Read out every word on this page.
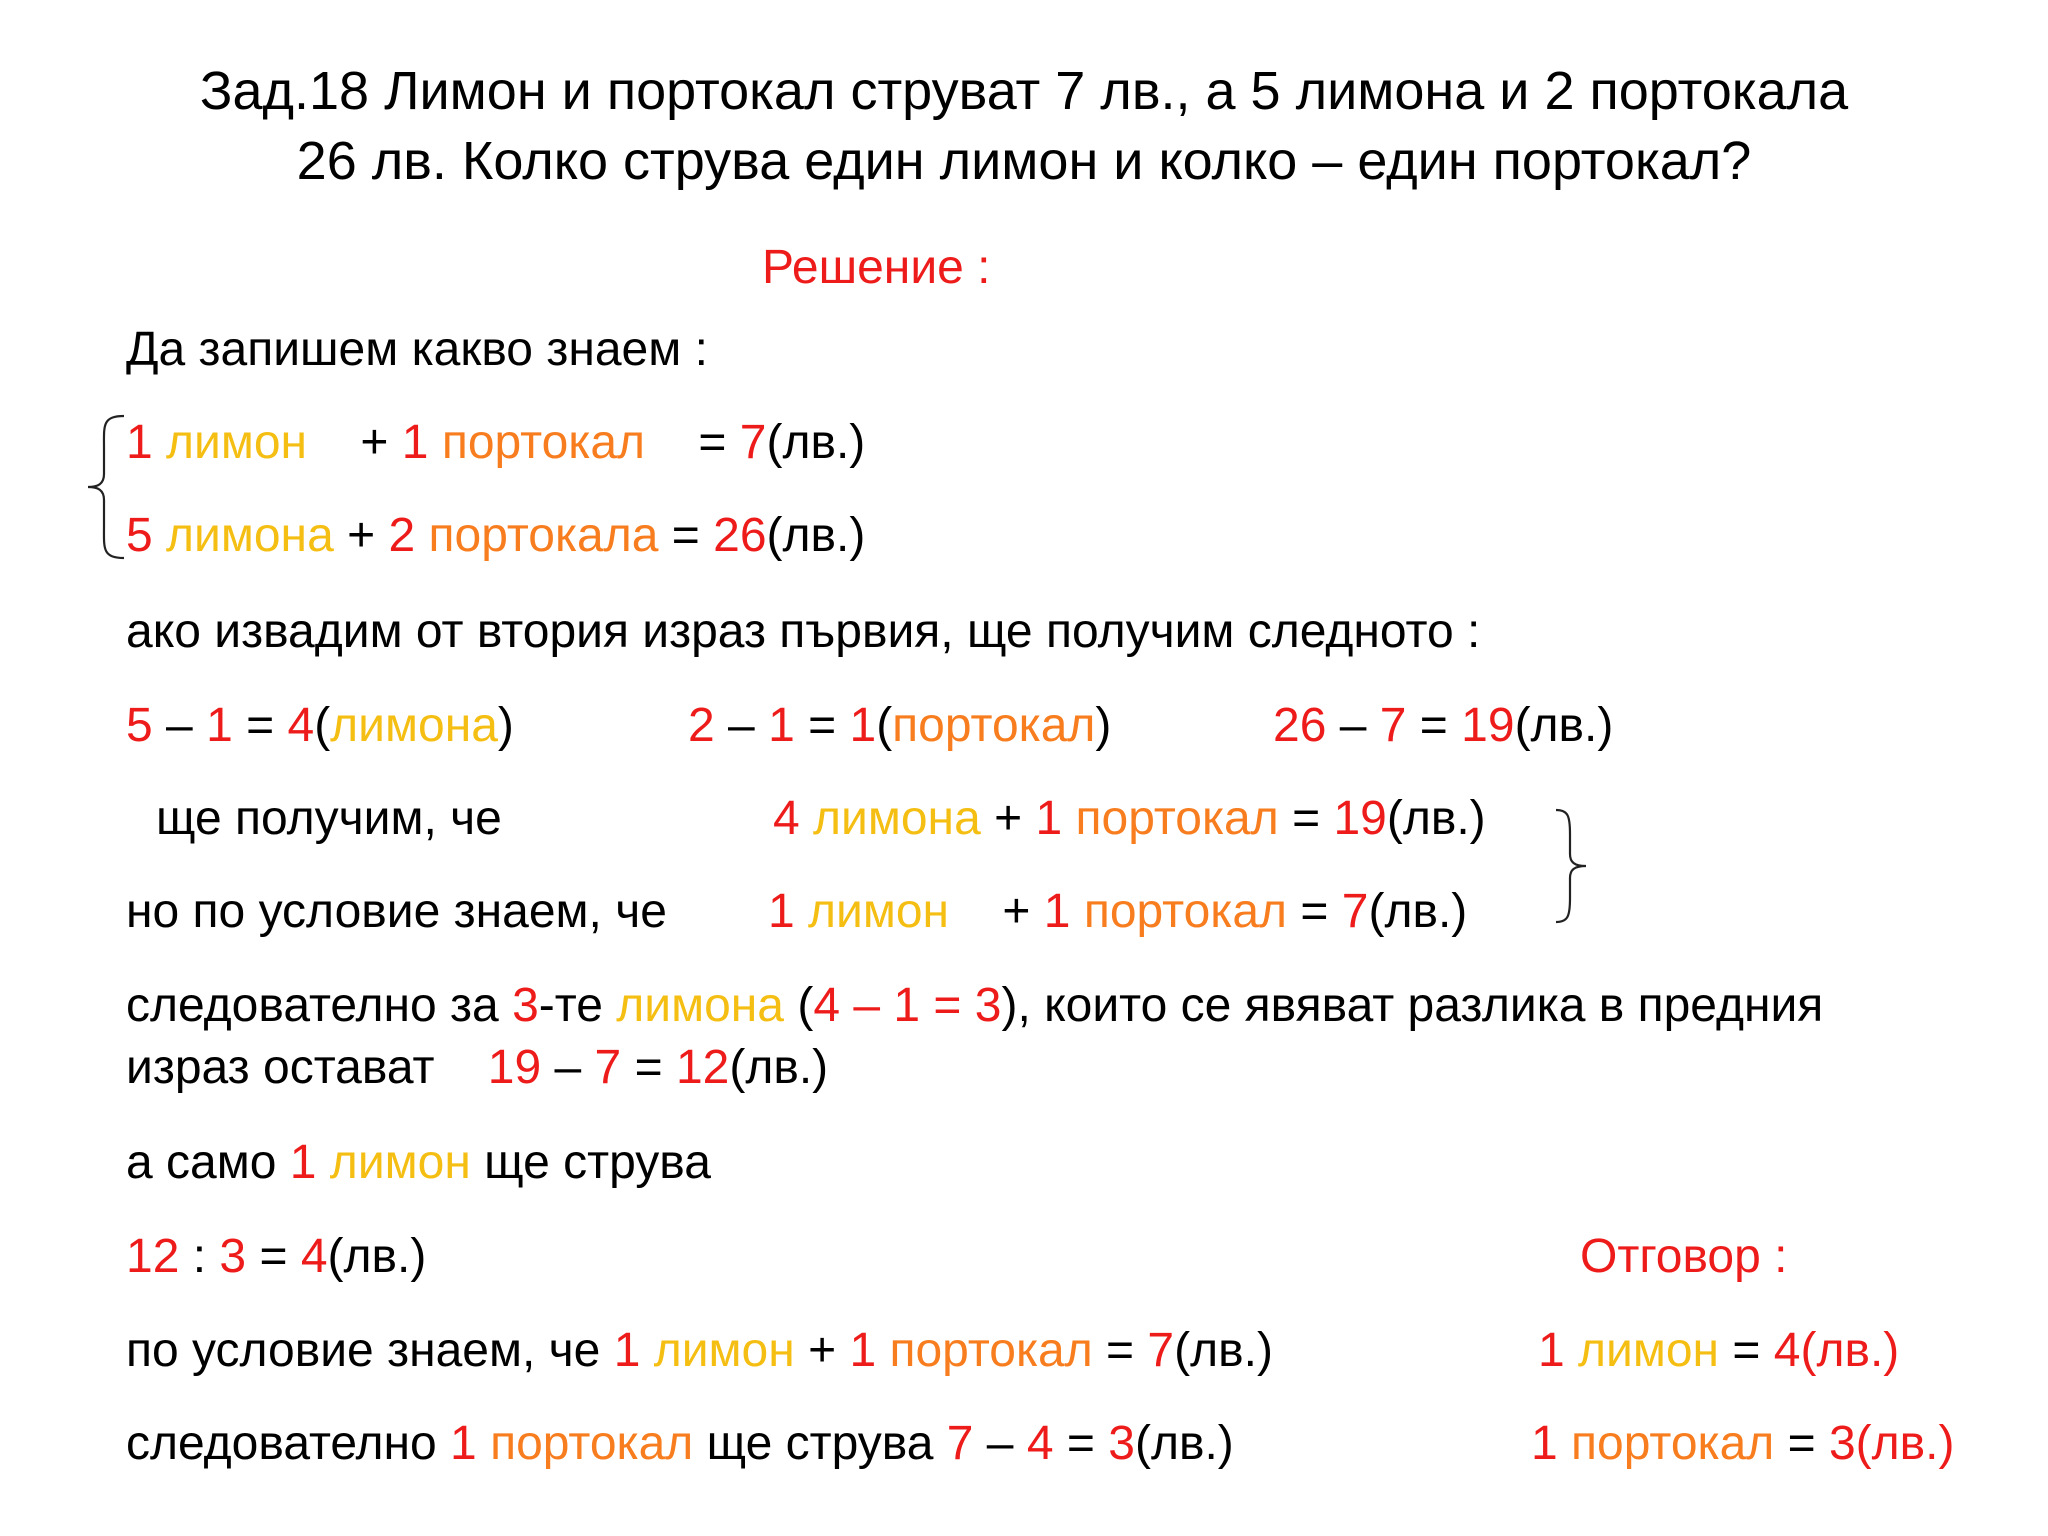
Зад.18 Лимон и портокал струват 7 лв., а 5 лимона и 2 портокала
26 лв. Колко струва един лимон и колко – един портокал?
Решение :
Да запишем какво знаем :
1 лимон    + 1 портокал    = 7(лв.)
5 лимона + 2 портокала = 26(лв.)
ако извадим от втория израз първия, ще получим следното :
5 – 1 = 4(лимона)	2 – 1 = 1(портокал)	26 – 7 = 19(лв.)
ще получим, че	4 лимона + 1 портокал = 19(лв.)
но по условие знаем, че 1 лимон    + 1 портокал = 7(лв.)
следователно за 3-те лимона (4 – 1 = 3), които се явяват разлика в предния
израз остават    19 – 7 = 12(лв.)
а само 1 лимон ще струва
12 : 3 = 4(лв.)	Отговор :
по условие знаем, че 1 лимон + 1 портокал = 7(лв.)	1 лимон = 4(лв.)
следователно 1 портокал ще струва 7 – 4 = 3(лв.)	1 портокал = 3(лв.)
